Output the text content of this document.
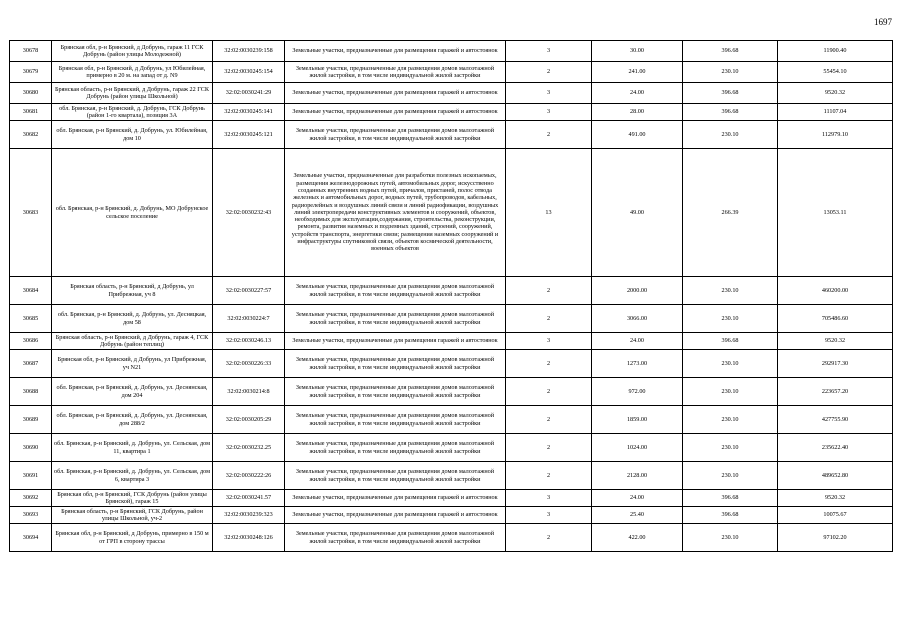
1697
30678	Брянская обл, р-н Брянский, д Добрунь, гараж 11 ГСК Добрунь (район улицы Молодежной)	32:02:0030239:158	Земельные участки, предназначенные для размещения гаражей и автостоянок	3	30.00	396.68	11900.40
30679	Брянская обл, р-н Брянский, д Добрунь, ул Юбилейная, примерно в 20 м. на запад от д. N9	32:02:0030245:154	Земельные участки, предназначенные для размещения домов малоэтажной жилой застройки, в том числе индивидуальной жилой застройки	2	241.00	230.10	55454.10
30680	Брянская область, р-н Брянский, д Добрунь, гараж 22 ГСК Добрунь (район улицы Школьной)	32:02:0030241:29	Земельные участки, предназначенные для размещения гаражей и автостоянок	3	24.00	396.68	9520.32
30681	обл. Брянская, р-н Брянский, д. Добрунь, ГСК Добрунь (район 1-го квартала), позиция 3А	32:02:0030245:141	Земельные участки, предназначенные для размещения гаражей и автостоянок	3	28.00	396.68	11107.04
30682	обл. Брянская, р-н Брянский, д. Добрунь, ул. Юбилейная, дом 10	32:02:0030245:121	Земельные участки, предназначенные для размещения домов малоэтажной жилой застройки, в том числе индивидуальной жилой застройки	2	491.00	230.10	112979.10
30683	обл. Брянская, р-н Брянский, д. Добрунь, МО Добрунское сельское поселение	32:02:0030232:43	Земельные участки, предназначенные для разработки полезных ископаемых, размещения железнодорожных путей, автомобильных дорог, искусственно созданных внутренних водных путей, причалов, пристаней, полос отвода железных и автомобильных дорог, водных путей, трубопроводов, кабельных, радиорелейных и воздушных линий связи и линий радиофикации, воздушных линий электропередачи конструктивных элементов и сооружений, объектов, необходимых для эксплуатации,содержания, строительства, реконструкции, ремонта, развития наземных и подземных зданий, строений, сооружений, устройств транспорта, энергетики связи; размещения наземных сооружений и инфраструктуры спутниковой связи, объектов космической деятельности, военных объектов	13	49.00	266.39	13053.11
30684	Брянская область, р-н Брянский, д Добрунь, ул Прибрежная, уч 8	32:02:0030227:57	Земельные участки, предназначенные для размещения домов малоэтажной жилой застройки, в том числе индивидуальной жилой застройки	2	2000.00	230.10	460200.00
30685	обл. Брянская, р-н Брянский, д. Добрунь, ул. Десняцкая, дом 58	32:02:0030224:7	Земельные участки, предназначенные для размещения домов малоэтажной жилой застройки, в том числе индивидуальной жилой застройки	2	3066.00	230.10	705486.60
30686	Брянская область, р-н Брянский, д Добрунь, гараж 4, ГСК Добрунь (район теплиц)	32:02:0030246.13	Земельные участки, предназначенные для размещения гаражей и автостоянок	3	24.00	396.68	9520.32
30687	Брянская обл, р-н Брянский, д Добрунь, ул Прибрежная, уч N21	32:02:0030226:33	Земельные участки, предназначенные для размещения домов малоэтажной жилой застройки, в том числе индивидуальной жилой застройки	2	1273.00	230.10	292917.30
30688	обл. Брянская, р-н Брянский, д. Добрунь, ул. Деснянская, дом 204	32:02:0030214:8	Земельные участки, предназначенные для размещения домов малоэтажной жилой застройки, в том числе индивидуальной жилой застройки	2	972.00	230.10	223657.20
30689	обл. Брянская, р-н Брянский, д. Добрунь, ул. Деснянская, дом 288/2	32:02:0030205:29	Земельные участки, предназначенные для размещения домов малоэтажной жилой застройки, в том числе индивидуальной жилой застройки	2	1859.00	230.10	427755.90
30690	обл. Брянская, р-н Брянский, д. Добрунь, ул. Сельская, дом 11, квартира 1	32:02:0030232.25	Земельные участки, предназначенные для размещения домов малоэтажной жилой застройки, в том числе индивидуальной жилой застройки	2	1024.00	230.10	235622.40
30691	обл. Брянская, р-н Брянский, д. Добрунь, ул. Сельская, дом 6, квартира 3	32:02:0030222:26	Земельные участки, предназначенные для размещения домов малоэтажной жилой застройки, в том числе индивидуальной жилой застройки	2	2128.00	230.10	489652.80
30692	Брянская обл, р-н Брянский, ГСК Добрунь (район улицы Брянской), гараж 15	32:02:0030241.57	Земельные участки, предназначенные для размещения гаражей и автостоянок	3	24.00	396.68	9520.32
30693	Брянская область, р-н Брянский, ГСК Добрунь, район улицы Школьной, уч-2	32:02:0030239:323	Земельные участки, предназначенные для размещения гаражей и автостоянок	3	25.40	396.68	10075.67
30694	Брянская обл, р-н Брянский, д Добрунь, примерно в 150 м от ГРП в сторону трассы	32:02:0030248:126	Земельные участки, предназначенные для размещения домов малоэтажной жилой застройки, в том числе индивидуальной жилой застройки	2	422.00	230.10	97102.20
